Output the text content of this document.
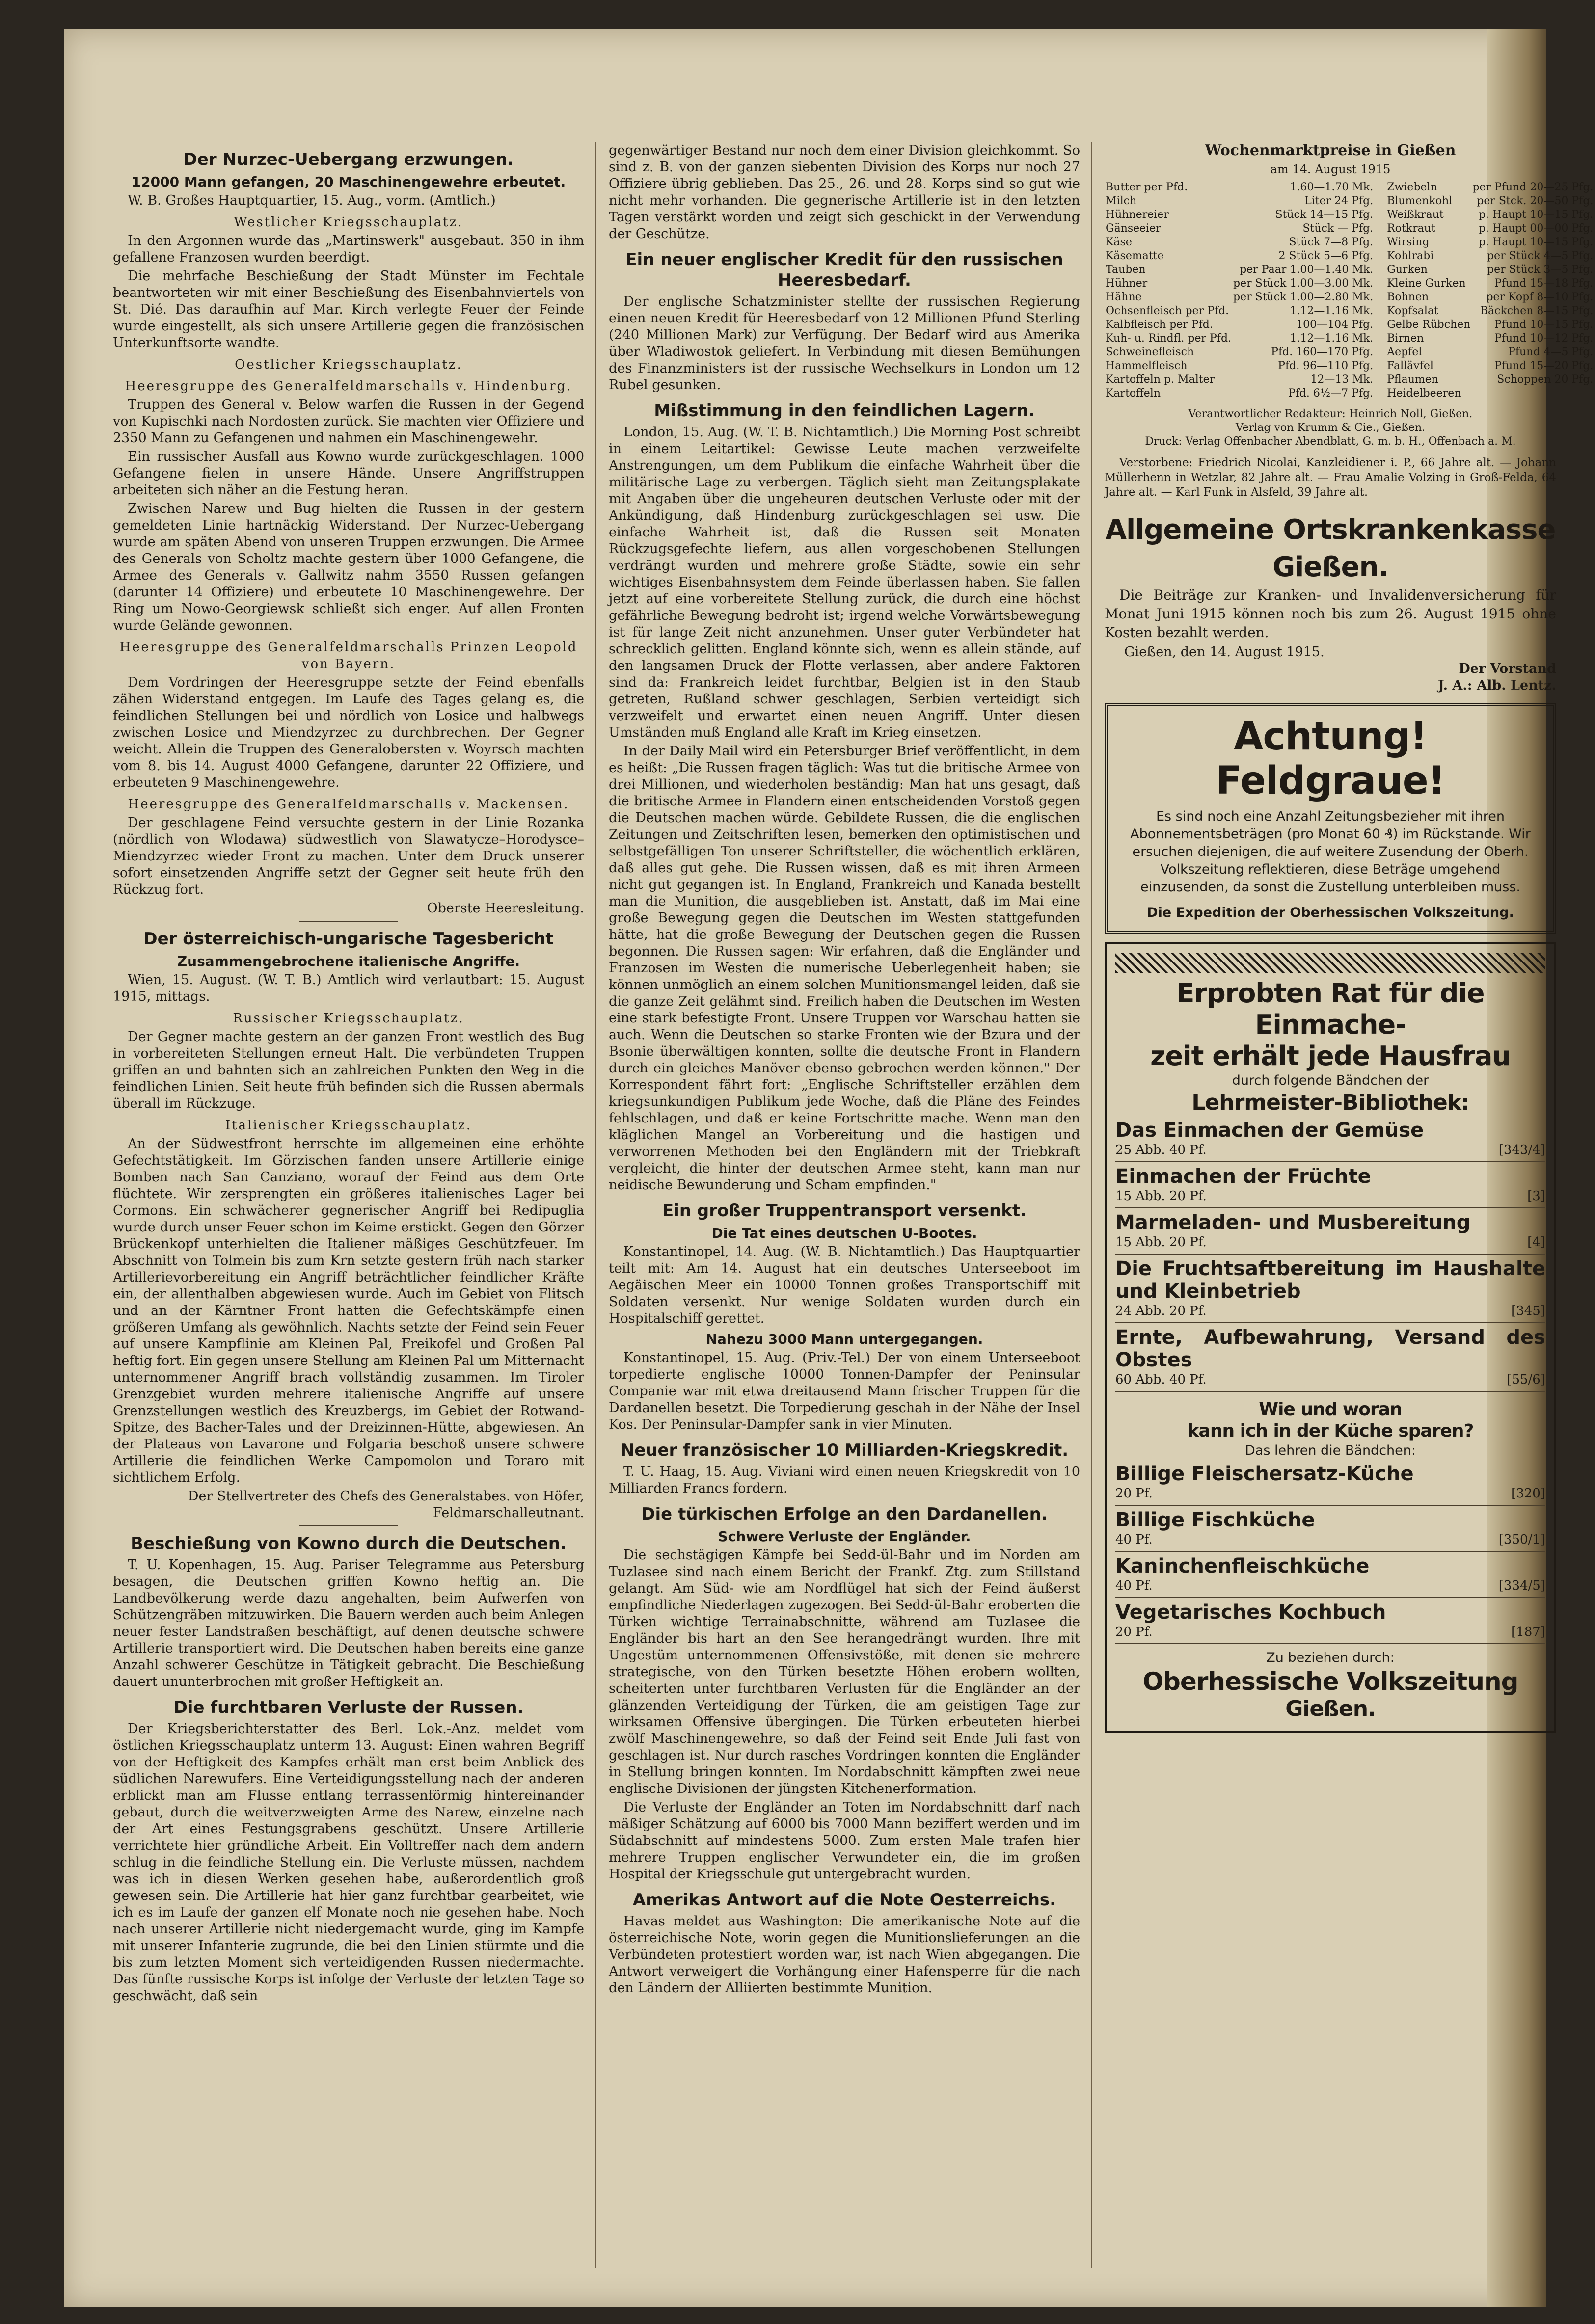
Der Nurzec-Uebergang erzwungen.
12000 Mann gefangen, 20 Maschinengewehre erbeutet.

W. B. Großes Hauptquartier, 15. Aug., vorm. (Amtlich.)

Westlicher Kriegsschauplatz.

In den Argonnen wurde das „Martinswerk" ausgebaut. 350 in ihm gefallene Franzosen wurden beerdigt.

Die mehrfache Beschießung der Stadt Münster im Fechtale beantworteten wir mit einer Beschießung des Eisenbahnviertels von St. Dié. Das daraufhin auf Mar. Kirch verlegte Feuer der Feinde wurde eingestellt, als sich unsere Artillerie gegen die französischen Unterkunftsorte wandte.

Oestlicher Kriegsschauplatz.
Heeresgruppe des Generalfeldmarschalls v. Hindenburg.

Truppen des General v. Below warfen die Russen in der Gegend von Kupischki nach Nordosten zurück. Sie machten vier Offiziere und 2350 Mann zu Gefangenen und nahmen ein Maschinengewehr.

Ein russischer Ausfall aus Kowno wurde zurückgeschlagen. 1000 Gefangene fielen in unsere Hände. Unsere Angriffstruppen arbeiteten sich näher an die Festung heran.

Zwischen Narew und Bug hielten die Russen in der gestern gemeldeten Linie hartnäckig Widerstand. Der Nurzec-Uebergang wurde am späten Abend von unseren Truppen erzwungen. Die Armee des Generals von Scholtz machte gestern über 1000 Gefangene, die Armee des Generals v. Gallwitz nahm 3550 Russen gefangen (darunter 14 Offiziere) und erbeutete 10 Maschinengewehre. Der Ring um Nowo-Georgiewsk schließt sich enger. Auf allen Fronten wurde Gelände gewonnen.

Heeresgruppe des Generalfeldmarschalls Prinzen Leopold von Bayern.

Dem Vordringen der Heeresgruppe setzte der Feind ebenfalls zähen Widerstand entgegen. Im Laufe des Tages gelang es, die feindlichen Stellungen bei und nördlich von Losice und halbwegs zwischen Losice und Miendzyrzec zu durchbrechen. Der Gegner weicht. Allein die Truppen des Generalobersten v. Woyrsch machten vom 8. bis 14. August 4000 Gefangene, darunter 22 Offiziere, und erbeuteten 9 Maschinengewehre.

Heeresgruppe des Generalfeldmarschalls v. Mackensen.

Der geschlagene Feind versuchte gestern in der Linie Rozanka (nördlich von Wlodawa) südwestlich von Slawatycze–Horodysce–Miendzyrzec wieder Front zu machen. Unter dem Druck unserer sofort einsetzenden Angriffe setzt der Gegner seit heute früh den Rückzug fort.

Oberste Heeresleitung.
Der österreichisch-ungarische Tagesbericht
Zusammengebrochene italienische Angriffe.

Wien, 15. August. (W. T. B.) Amtlich wird verlautbart: 15. August 1915, mittags.

Russischer Kriegsschauplatz.

Der Gegner machte gestern an der ganzen Front westlich des Bug in vorbereiteten Stellungen erneut Halt. Die verbündeten Truppen griffen an und bahnten sich an zahlreichen Punkten den Weg in die feindlichen Linien. Seit heute früh befinden sich die Russen abermals überall im Rückzuge.

Italienischer Kriegsschauplatz.

An der Südwestfront herrschte im allgemeinen eine erhöhte Gefechtstätigkeit. Im Görzischen fanden unsere Artillerie einige Bomben nach San Canziano, worauf der Feind aus dem Orte flüchtete. Wir zersprengten ein größeres italienisches Lager bei Cormons. Ein schwächerer gegnerischer Angriff bei Redipuglia wurde durch unser Feuer schon im Keime erstickt. Gegen den Görzer Brückenkopf unterhielten die Italiener mäßiges Geschützfeuer. Im Abschnitt von Tolmein bis zum Krn setzte gestern früh nach starker Artillerievorbereitung ein Angriff beträchtlicher feindlicher Kräfte ein, der allenthalben abgewiesen wurde. Auch im Gebiet von Flitsch und an der Kärntner Front hatten die Gefechtskämpfe einen größeren Umfang als gewöhnlich. Nachts setzte der Feind sein Feuer auf unsere Kampflinie am Kleinen Pal, Freikofel und Großen Pal heftig fort. Ein gegen unsere Stellung am Kleinen Pal um Mitternacht unternommener Angriff brach vollständig zusammen. Im Tiroler Grenzgebiet wurden mehrere italienische Angriffe auf unsere Grenzstellungen westlich des Kreuzbergs, im Gebiet der Rotwand-Spitze, des Bacher-Tales und der Dreizinnen-Hütte, abgewiesen. An der Plateaus von Lavarone und Folgaria beschoß unsere schwere Artillerie die feindlichen Werke Campomolon und Toraro mit sichtlichem Erfolg.

Der Stellvertreter des Chefs des Generalstabes. von Höfer, Feldmarschalleutnant.
Beschießung von Kowno durch die Deutschen.

T. U. Kopenhagen, 15. Aug. Pariser Telegramme aus Petersburg besagen, die Deutschen griffen Kowno heftig an. Die Landbevölkerung werde dazu angehalten, beim Aufwerfen von Schützengräben mitzuwirken. Die Bauern werden auch beim Anlegen neuer fester Landstraßen beschäftigt, auf denen deutsche schwere Artillerie transportiert wird. Die Deutschen haben bereits eine ganze Anzahl schwerer Geschütze in Tätigkeit gebracht. Die Beschießung dauert ununterbrochen mit großer Heftigkeit an.

Die furchtbaren Verluste der Russen.

Der Kriegsberichterstatter des Berl. Lok.-Anz. meldet vom östlichen Kriegsschauplatz unterm 13. August: Einen wahren Begriff von der Heftigkeit des Kampfes erhält man erst beim Anblick des südlichen Narewufers. Eine Verteidigungsstellung nach der anderen erblickt man am Flusse entlang terrassenförmig hintereinander gebaut, durch die weitverzweigten Arme des Narew, einzelne nach der Art eines Festungsgrabens geschützt. Unsere Artillerie verrichtete hier gründliche Arbeit. Ein Volltreffer nach dem andern schlug in die feindliche Stellung ein. Die Verluste müssen, nachdem was ich in diesen Werken gesehen habe, außerordentlich groß gewesen sein. Die Artillerie hat hier ganz furchtbar gearbeitet, wie ich es im Laufe der ganzen elf Monate noch nie gesehen habe. Noch nach unserer Artillerie nicht niedergemacht wurde, ging im Kampfe mit unserer Infanterie zugrunde, die bei den Linien stürmte und die bis zum letzten Moment sich verteidigenden Russen niedermachte. Das fünfte russische Korps ist infolge der Verluste der letzten Tage so geschwächt, daß sein

gegenwärtiger Bestand nur noch dem einer Division gleichkommt. So sind z. B. von der ganzen siebenten Division des Korps nur noch 27 Offiziere übrig geblieben. Das 25., 26. und 28. Korps sind so gut wie nicht mehr vorhanden. Die gegnerische Artillerie ist in den letzten Tagen verstärkt worden und zeigt sich geschickt in der Verwendung der Geschütze.

Ein neuer englischer Kredit für den russischen Heeresbedarf.

Der englische Schatzminister stellte der russischen Regierung einen neuen Kredit für Heeresbedarf von 12 Millionen Pfund Sterling (240 Millionen Mark) zur Verfügung. Der Bedarf wird aus Amerika über Wladiwostok geliefert. In Verbindung mit diesen Bemühungen des Finanzministers ist der russische Wechselkurs in London um 12 Rubel gesunken.

Mißstimmung in den feindlichen Lagern.

London, 15. Aug. (W. T. B. Nichtamtlich.) Die Morning Post schreibt in einem Leitartikel: Gewisse Leute machen verzweifelte Anstrengungen, um dem Publikum die einfache Wahrheit über die militärische Lage zu verbergen. Täglich sieht man Zeitungsplakate mit Angaben über die ungeheuren deutschen Verluste oder mit der Ankündigung, daß Hindenburg zurückgeschlagen sei usw. Die einfache Wahrheit ist, daß die Russen seit Monaten Rückzugsgefechte liefern, aus allen vorgeschobenen Stellungen verdrängt wurden und mehrere große Städte, sowie ein sehr wichtiges Eisenbahnsystem dem Feinde überlassen haben. Sie fallen jetzt auf eine vorbereitete Stellung zurück, die durch eine höchst gefährliche Bewegung bedroht ist; irgend welche Vorwärtsbewegung ist für lange Zeit nicht anzunehmen. Unser guter Verbündeter hat schrecklich gelitten. England könnte sich, wenn es allein stände, auf den langsamen Druck der Flotte verlassen, aber andere Faktoren sind da: Frankreich leidet furchtbar, Belgien ist in den Staub getreten, Rußland schwer geschlagen, Serbien verteidigt sich verzweifelt und erwartet einen neuen Angriff. Unter diesen Umständen muß England alle Kraft im Krieg einsetzen.

In der Daily Mail wird ein Petersburger Brief veröffentlicht, in dem es heißt: „Die Russen fragen täglich: Was tut die britische Armee von drei Millionen, und wiederholen beständig: Man hat uns gesagt, daß die britische Armee in Flandern einen entscheidenden Vorstoß gegen die Deutschen machen würde. Gebildete Russen, die die englischen Zeitungen und Zeitschriften lesen, bemerken den optimistischen und selbstgefälligen Ton unserer Schriftsteller, die wöchentlich erklären, daß alles gut gehe. Die Russen wissen, daß es mit ihren Armeen nicht gut gegangen ist. In England, Frankreich und Kanada bestellt man die Munition, die ausgeblieben ist. Anstatt, daß im Mai eine große Bewegung gegen die Deutschen im Westen stattgefunden hätte, hat die große Bewegung der Deutschen gegen die Russen begonnen. Die Russen sagen: Wir erfahren, daß die Engländer und Franzosen im Westen die numerische Ueberlegenheit haben; sie können unmöglich an einem solchen Munitionsmangel leiden, daß sie die ganze Zeit gelähmt sind. Freilich haben die Deutschen im Westen eine stark befestigte Front. Unsere Truppen vor Warschau hatten sie auch. Wenn die Deutschen so starke Fronten wie der Bzura und der Bsonie überwältigen konnten, sollte die deutsche Front in Flandern durch ein gleiches Manöver ebenso gebrochen werden können." Der Korrespondent fährt fort: „Englische Schriftsteller erzählen dem kriegsunkundigen Publikum jede Woche, daß die Pläne des Feindes fehlschlagen, und daß er keine Fortschritte mache. Wenn man den kläglichen Mangel an Vorbereitung und die hastigen und verworrenen Methoden bei den Engländern mit der Triebkraft vergleicht, die hinter der deutschen Armee steht, kann man nur neidische Bewunderung und Scham empfinden."

Ein großer Truppentransport versenkt.
Die Tat eines deutschen U-Bootes.

Konstantinopel, 14. Aug. (W. B. Nichtamtlich.) Das Hauptquartier teilt mit: Am 14. August hat ein deutsches Unterseeboot im Aegäischen Meer ein 10000 Tonnen großes Transportschiff mit Soldaten versenkt. Nur wenige Soldaten wurden durch ein Hospitalschiff gerettet.

Nahezu 3000 Mann untergegangen.

Konstantinopel, 15. Aug. (Priv.-Tel.) Der von einem Unterseeboot torpedierte englische 10000 Tonnen-Dampfer der Peninsular Companie war mit etwa dreitausend Mann frischer Truppen für die Dardanellen besetzt. Die Torpedierung geschah in der Nähe der Insel Kos. Der Peninsular-Dampfer sank in vier Minuten.

Neuer französischer 10 Milliarden-Kriegskredit.

T. U. Haag, 15. Aug. Viviani wird einen neuen Kriegskredit von 10 Milliarden Francs fordern.

Die türkischen Erfolge an den Dardanellen.
Schwere Verluste der Engländer.

Die sechstägigen Kämpfe bei Sedd-ül-Bahr und im Norden am Tuzlasee sind nach einem Bericht der Frankf. Ztg. zum Stillstand gelangt. Am Süd- wie am Nordflügel hat sich der Feind äußerst empfindliche Niederlagen zugezogen. Bei Sedd-ül-Bahr eroberten die Türken wichtige Terrainabschnitte, während am Tuzlasee die Engländer bis hart an den See herangedrängt wurden. Ihre mit Ungestüm unternommenen Offensivstöße, mit denen sie mehrere strategische, von den Türken besetzte Höhen erobern wollten, scheiterten unter furchtbaren Verlusten für die Engländer an der glänzenden Verteidigung der Türken, die am geistigen Tage zur wirksamen Offensive übergingen. Die Türken erbeuteten hierbei zwölf Maschinengewehre, so daß der Feind seit Ende Juli fast von geschlagen ist. Nur durch rasches Vordringen konnten die Engländer in Stellung bringen konnten. Im Nordabschnitt kämpften zwei neue englische Divisionen der jüngsten Kitchenerformation.

Die Verluste der Engländer an Toten im Nordabschnitt darf nach mäßiger Schätzung auf 6000 bis 7000 Mann beziffert werden und im Südabschnitt auf mindestens 5000. Zum ersten Male trafen hier mehrere Truppen englischer Verwundeter ein, die im großen Hospital der Kriegsschule gut untergebracht wurden.

Amerikas Antwort auf die Note Oesterreichs.

Havas meldet aus Washington: Die amerikanische Note auf die österreichische Note, worin gegen die Munitionslieferungen an die Verbündeten protestiert worden war, ist nach Wien abgegangen. Die Antwort verweigert die Vorhängung einer Hafensperre für die nach den Ländern der Alliierten bestimmte Munition.

Wochenmarktpreise in Gießen
am 14. August 1915
Butter per Pfd.	1.60—1.70 Mk.
Milch	Liter 24 Pfg.
Hühnereier	Stück 14—15 Pfg.
Gänseeier	Stück — Pfg.
Käse	Stück 7—8 Pfg.
Käsematte	2 Stück 5—6 Pfg.
Tauben	per Paar 1.00—1.40 Mk.
Hühner	per Stück 1.00—3.00 Mk.
Hähne	per Stück 1.00—2.80 Mk.
Ochsenfleisch per Pfd.	1.12—1.16 Mk.
Kalbfleisch per Pfd.	100—104 Pfg.
Kuh- u. Rindfl. per Pfd.	1.12—1.16 Mk.
Schweinefleisch	Pfd. 160—170 Pfg.
Hammelfleisch	Pfd. 96—110 Pfg.
Kartoffeln p. Malter	12—13 Mk.
Kartoffeln	Pfd. 6½—7 Pfg.
Zwiebeln	per Pfund 20—25 Pfg.
Blumenkohl	per Stck. 20—50 Pfg.
Weißkraut	p. Haupt 10—15 Pfg.
Rotkraut	p. Haupt 00—00 Pfg.
Wirsing	p. Haupt 10—15 Pfg.
Kohlrabi	per Stück 4—5 Pfg.
Gurken	per Stück 3—5 Pfg.
Kleine Gurken	Pfund 15—18 Pfg.
Bohnen	per Kopf 8—10 Pfg.
Kopfsalat	Bäckchen 8—15 Pfg.
Gelbe Rübchen	Pfund 10—15 Pfg.
Birnen	Pfund 10—12 Pfg.
Aepfel	Pfund 4—5 Pfg.
Fallävfel	Pfund 15—20 Pfg.
Pflaumen	Schoppen 20 Pfg.
Heidelbeeren	
Verantwortlicher Redakteur: Heinrich Noll, Gießen.
Verlag von Krumm & Cie., Gießen.
Druck: Verlag Offenbacher Abendblatt, G. m. b. H., Offenbach a. M.

Verstorbene: Friedrich Nicolai, Kanzleidiener i. P., 66 Jahre alt. — Johann Müllerhenn in Wetzlar, 82 Jahre alt. — Frau Amalie Volzing in Groß-Felda, 64 Jahre alt. — Karl Funk in Alsfeld, 39 Jahre alt.

Allgemeine Ortskrankenkasse Gießen.

Die Beiträge zur Kranken- und Invalidenversicherung für Monat Juni 1915 können noch bis zum 26. August 1915 ohne Kosten bezahlt werden.

Gießen, den 14. August 1915.
Der Vorstand
J. A.: Alb. Lentz.
Achtung! Feldgraue!
Es sind noch eine Anzahl Zeitungsbezieher mit ihren Abonnementsbeträgen (pro Monat 60 ₰) im Rückstande. Wir ersuchen diejenigen, die auf weitere Zusendung der Oberh. Volkszeitung reflektieren, diese Beträge umgehend einzusenden, da sonst die Zustellung unterbleiben muss.
Die Expedition der Oberhessischen Volkszeitung.
Erprobten Rat für die Einmache-
zeit erhält jede Hausfrau
durch folgende Bändchen der
Lehrmeister-Bibliothek:
Das Einmachen der Gemüse
25 Abb. 40 Pf.	[343/4]
Einmachen der Früchte
15 Abb. 20 Pf.	[3]
Marmeladen- und Musbereitung
15 Abb. 20 Pf.	[4]
Die Fruchtsaftbereitung im Haushalte und Kleinbetrieb
24 Abb. 20 Pf.	[345]
Ernte, Aufbewahrung, Versand des Obstes
60 Abb. 40 Pf.	[55/6]
Wie und woran
kann ich in der Küche sparen?
Das lehren die Bändchen:
Billige Fleischersatz-Küche
20 Pf.	[320]
Billige Fischküche
40 Pf.	[350/1]
Kaninchenfleischküche
40 Pf.	[334/5]
Vegetarisches Kochbuch
20 Pf.	[187]
Zu beziehen durch:
Oberhessische Volkszeitung
Gießen.
